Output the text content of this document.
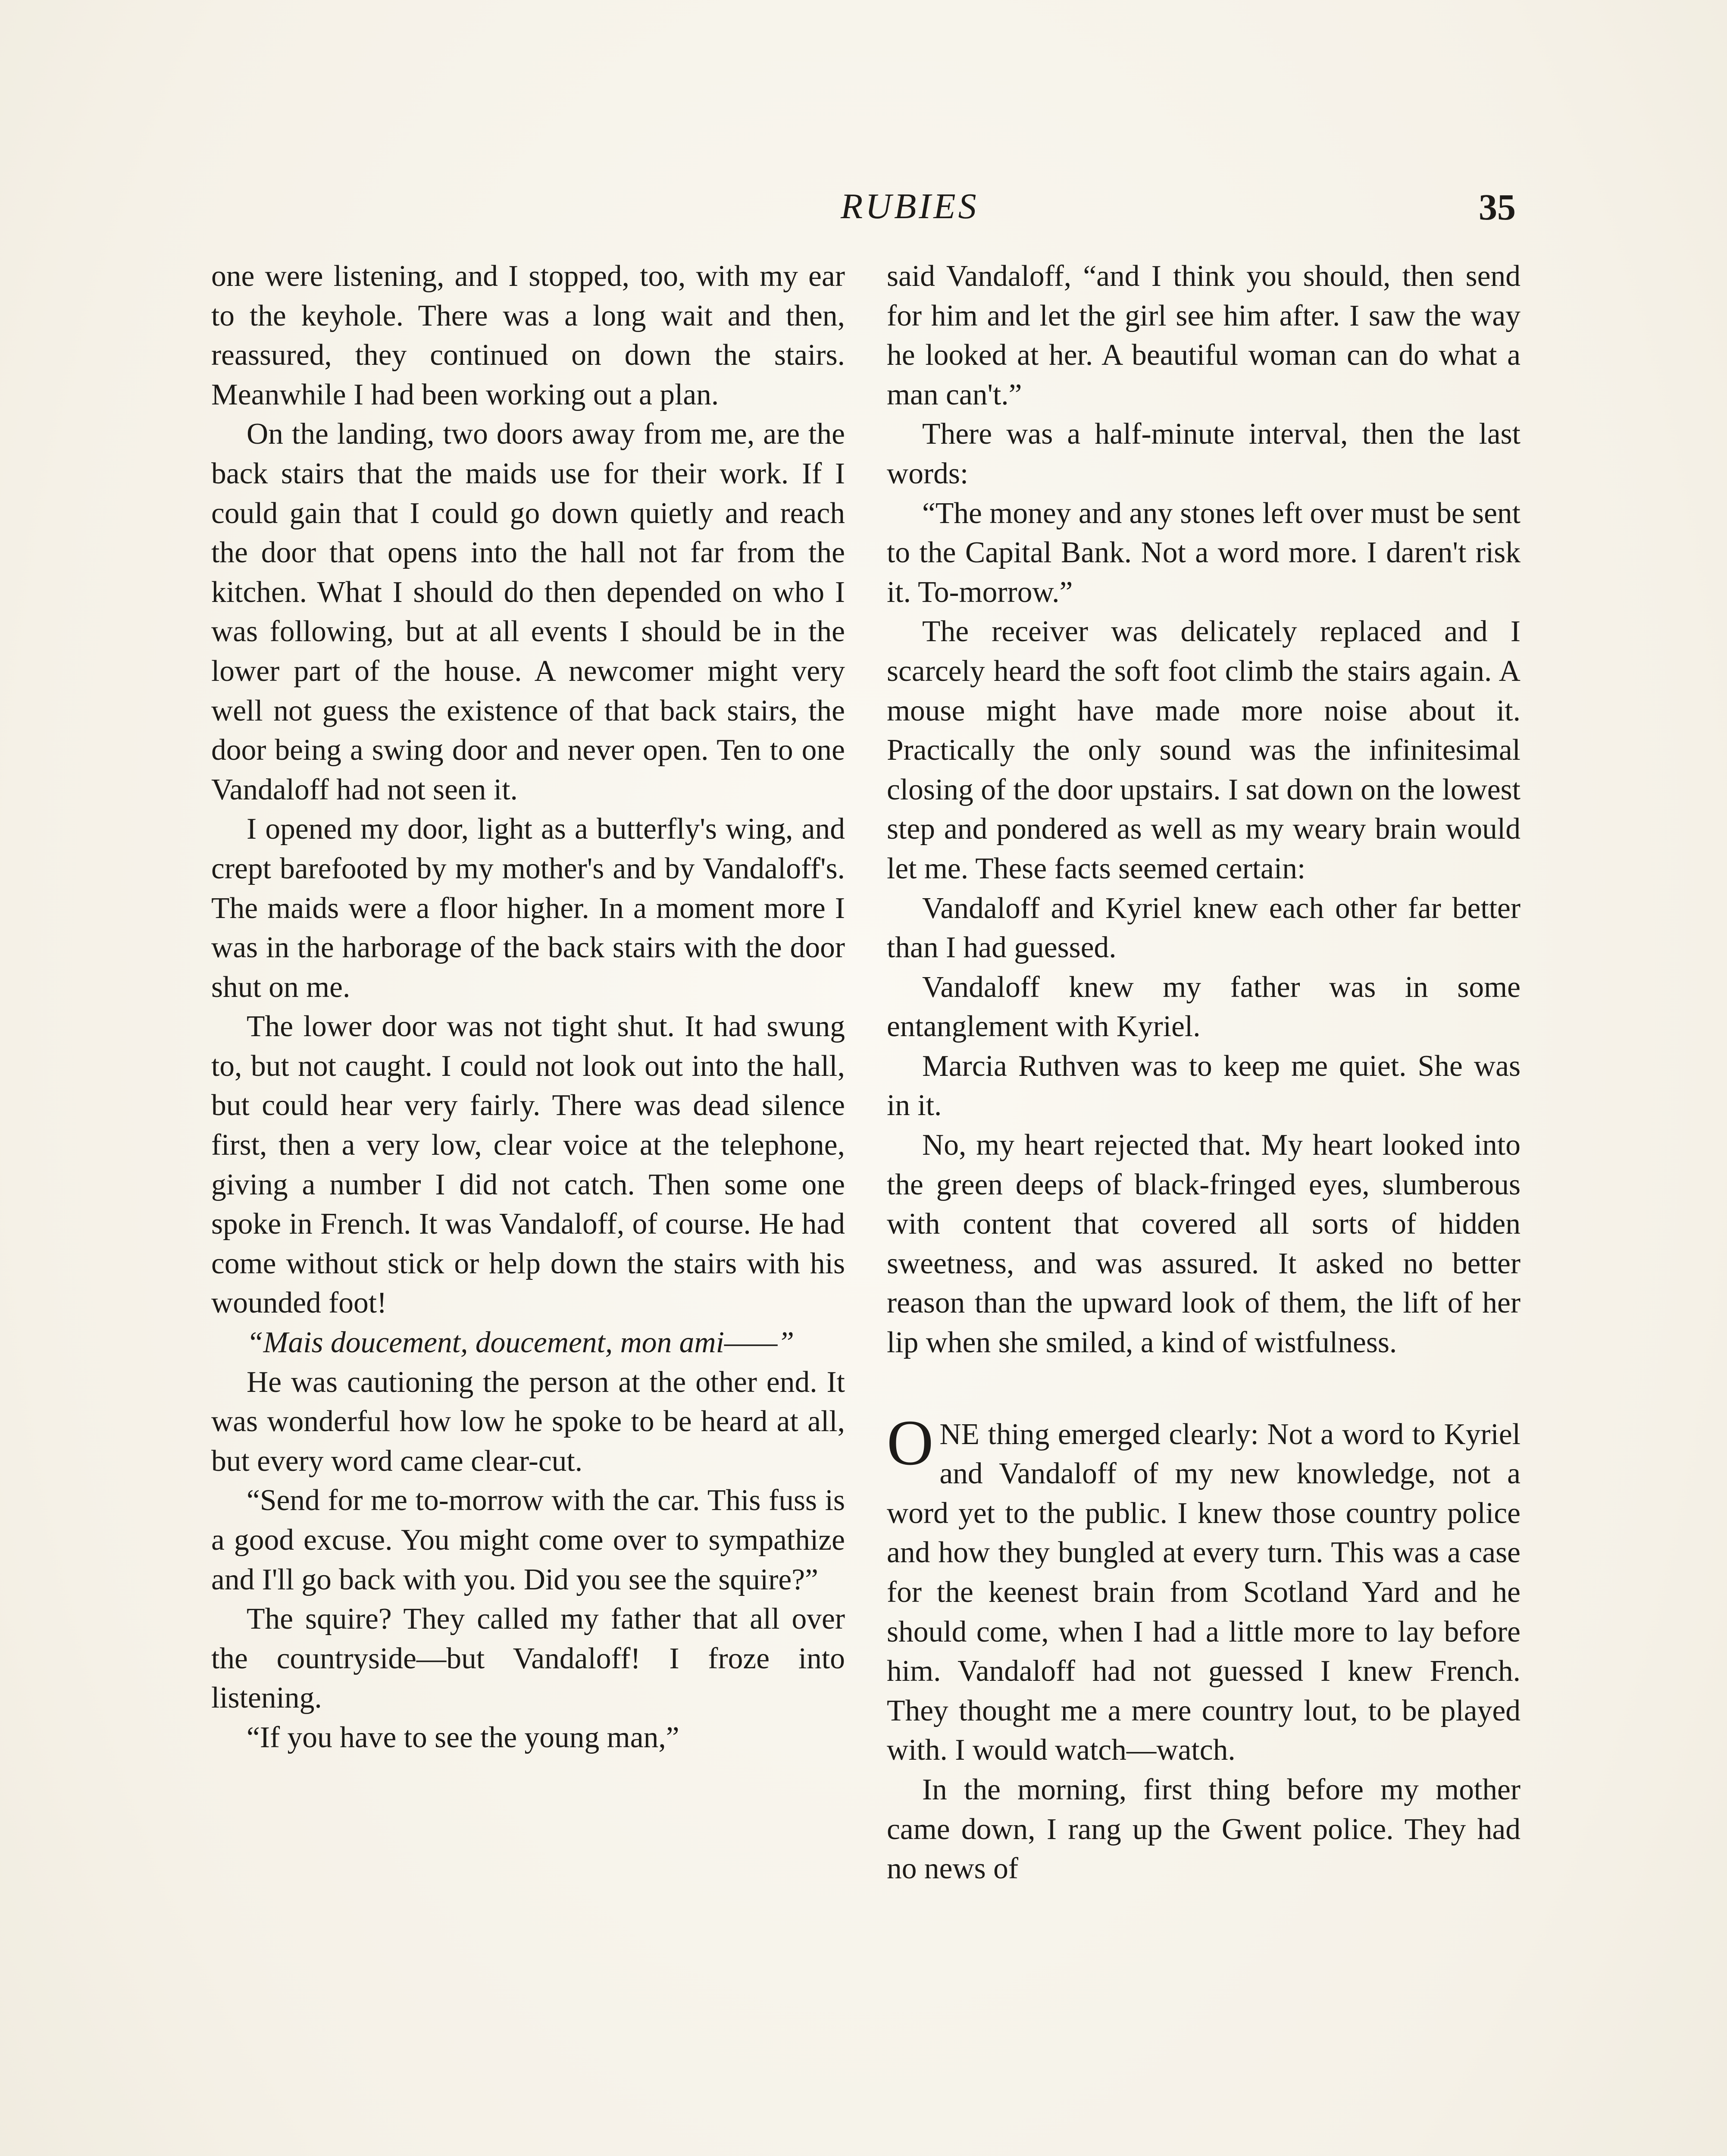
RUBIES	35

one were listening, and I stopped, too, with my ear to the keyhole. There was a long wait and then, reassured, they continued on down the stairs. Meanwhile I had been working out a plan.

On the landing, two doors away from me, are the back stairs that the maids use for their work. If I could gain that I could go down quietly and reach the door that opens into the hall not far from the kitchen. What I should do then depended on who I was following, but at all events I should be in the lower part of the house. A newcomer might very well not guess the existence of that back stairs, the door being a swing door and never open. Ten to one Vandaloff had not seen it.

I opened my door, light as a butterfly's wing, and crept barefooted by my mother's and by Vandaloff's. The maids were a floor higher. In a moment more I was in the harborage of the back stairs with the door shut on me.

The lower door was not tight shut. It had swung to, but not caught. I could not look out into the hall, but could hear very fairly. There was dead silence first, then a very low, clear voice at the telephone, giving a number I did not catch. Then some one spoke in French. It was Vandaloff, of course. He had come without stick or help down the stairs with his wounded foot!

“Mais doucement, doucement, mon ami——”

He was cautioning the person at the other end. It was wonderful how low he spoke to be heard at all, but every word came clear-cut.

“Send for me to-morrow with the car. This fuss is a good excuse. You might come over to sympathize and I'll go back with you. Did you see the squire?”

The squire? They called my father that all over the countryside—but Vandaloff! I froze into listening.

“If you have to see the young man,”

said Vandaloff, “and I think you should, then send for him and let the girl see him after. I saw the way he looked at her. A beautiful woman can do what a man can't.”

There was a half-minute interval, then the last words:

“The money and any stones left over must be sent to the Capital Bank. Not a word more. I daren't risk it. To-morrow.”

The receiver was delicately replaced and I scarcely heard the soft foot climb the stairs again. A mouse might have made more noise about it. Practically the only sound was the infinitesimal closing of the door upstairs. I sat down on the lowest step and pondered as well as my weary brain would let me. These facts seemed certain:

Vandaloff and Kyriel knew each other far better than I had guessed.

Vandaloff knew my father was in some entanglement with Kyriel.

Marcia Ruthven was to keep me quiet. She was in it.

No, my heart rejected that. My heart looked into the green deeps of black-fringed eyes, slumberous with content that covered all sorts of hidden sweetness, and was assured. It asked no better reason than the upward look of them, the lift of her lip when she smiled, a kind of wistfulness.

ONE thing emerged clearly: Not a word to Kyriel and Vandaloff of my new knowledge, not a word yet to the public. I knew those country police and how they bungled at every turn. This was a case for the keenest brain from Scotland Yard and he should come, when I had a little more to lay before him. Vandaloff had not guessed I knew French. They thought me a mere country lout, to be played with. I would watch—watch.

In the morning, first thing before my mother came down, I rang up the Gwent police. They had no news of
